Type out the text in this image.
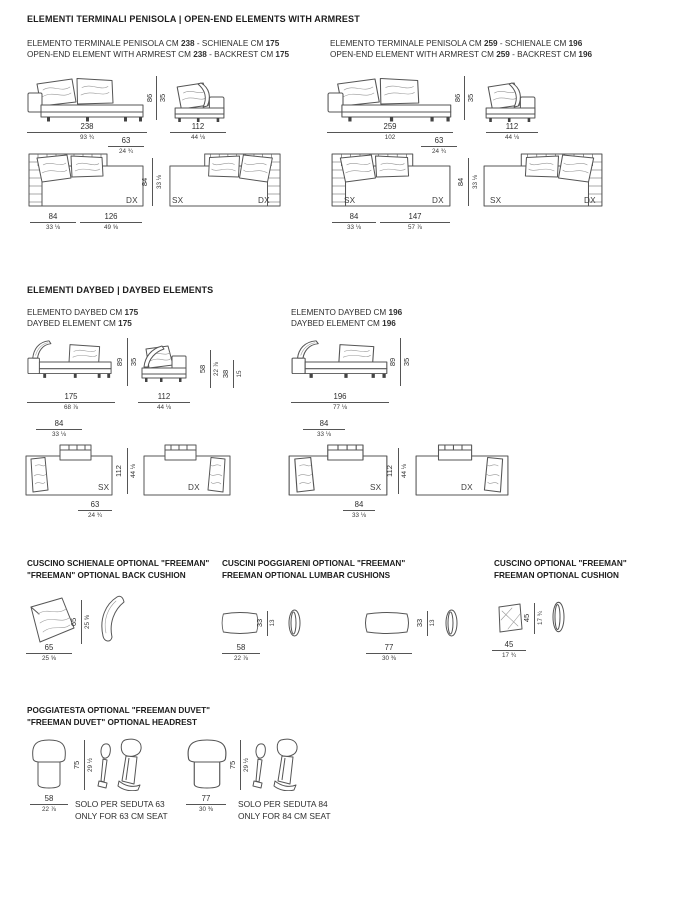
ELEMENTI TERMINALI PENISOLA | OPEN-END ELEMENTS WITH ARMREST
ELEMENTO TERMINALE PENISOLA CM 238 - SCHIENALE CM 175
OPEN-END ELEMENT WITH ARMREST CM 238 - BACKREST CM 175
ELEMENTO TERMINALE PENISOLA CM 259 - SCHIENALE CM 196
OPEN-END ELEMENT WITH ARMREST CM 259 - BACKREST CM 196
86 35
238
93 ¾
112
44 ⅛
63
24 ¾
DX
84 33 ⅛
SX	DX
84
33 ⅛
126
49 ⅝
86 35
259
102
112
44 ⅛
63
24 ¾
SX	DX
84 33 ⅛
SX	DX
84
33 ⅛
147
57 ⅞
ELEMENTI DAYBED | DAYBED ELEMENTS
ELEMENTO DAYBED CM 175
DAYBED ELEMENT CM 175
ELEMENTO DAYBED CM 196
DAYBED ELEMENT CM 196
89 35
58 22 ⅞ 38 15
175
68 ⅞
112
44 ⅛
89 35
196
77 ⅛
84
33 ⅛
SX
112 44 ⅛
DX
63
24 ¾
84
33 ⅛
SX
112 44 ⅛
DX
84
33 ⅛
CUSCINO SCHIENALE OPTIONAL "FREEMAN"
"FREEMAN" OPTIONAL BACK CUSHION
65 25 ⅝
65
25 ⅝
CUSCINI POGGIARENI OPTIONAL "FREEMAN"
FREEMAN OPTIONAL LUMBAR CUSHIONS
33 13
58
22 ⅞
33 13
77
30 ⅜
CUSCINO OPTIONAL "FREEMAN"
FREEMAN OPTIONAL CUSHION
45 17 ¾
45
17 ¾
POGGIATESTA OPTIONAL "FREEMAN DUVET"
"FREEMAN DUVET" OPTIONAL HEADREST
75 29 ½
58
22 ⅞
SOLO PER SEDUTA 63
ONLY FOR 63 CM SEAT
75 29 ½
77
30 ⅜
SOLO PER SEDUTA 84
ONLY FOR 84 CM SEAT
